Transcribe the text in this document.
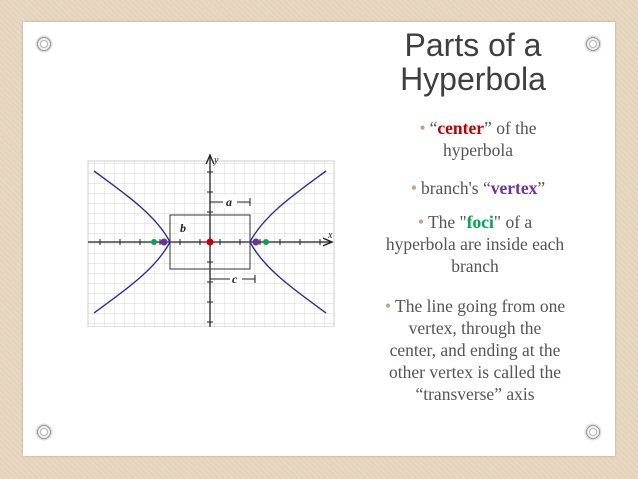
Parts of a
Hyperbola
• “center” of the
hyperbola
• branch's “vertex”
• The "foci" of a
hyperbola are inside each
branch
• The line going from one
vertex, through the
center, and ending at the
other vertex is called the
“transverse” axis
x
y
a
b
c
